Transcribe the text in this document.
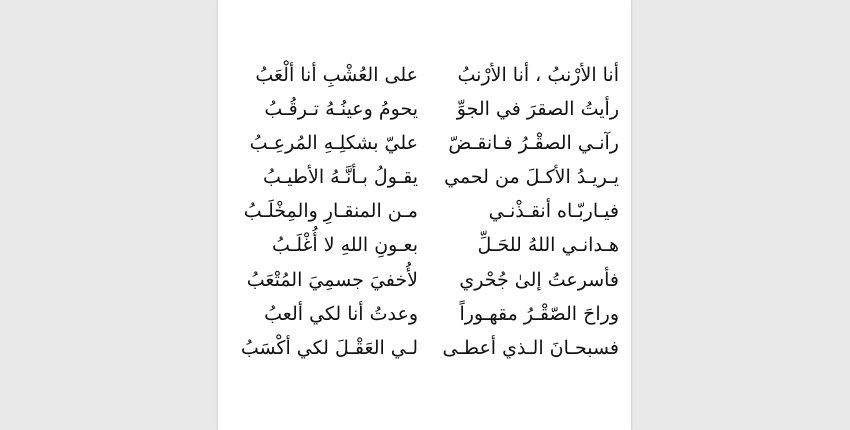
أنا الأرْنبُ ، أنا الأرْنبُ
على العُشْبِ أنا ألْعَبُ
رأيتُ الصقرَ في الجوِّ
يحومُ وعينُـهُ تـرقُـبُ
رآنـي الصقْـرُ فـانقـضّ
عليّ بشكلِـهِ المُرعِـبُ
يـريـدُ الأكـلَ من لحمي
يقـولُ بـأنَّـهُ الأطيـبُ
فيـاربّـاه أنقـذْنـي
مـن المنقـارِ والمِخْلَـبُ
هـدانـي اللهُ للحَـلِّ
بعـونِ اللهِ لا أُغْلَـبُ
فأسرعتُ إلىٰ جُحْري
لأُخفيَ جسمِيَ المُتْعَبُ
وراحَ الصّقْـرُ مقهـوراً
وعدتُ أنا لكي ألعبُ
فسبحـانَ الـذي أعطـى
لـي العَقْـلَ لكي أكْسَبُ
